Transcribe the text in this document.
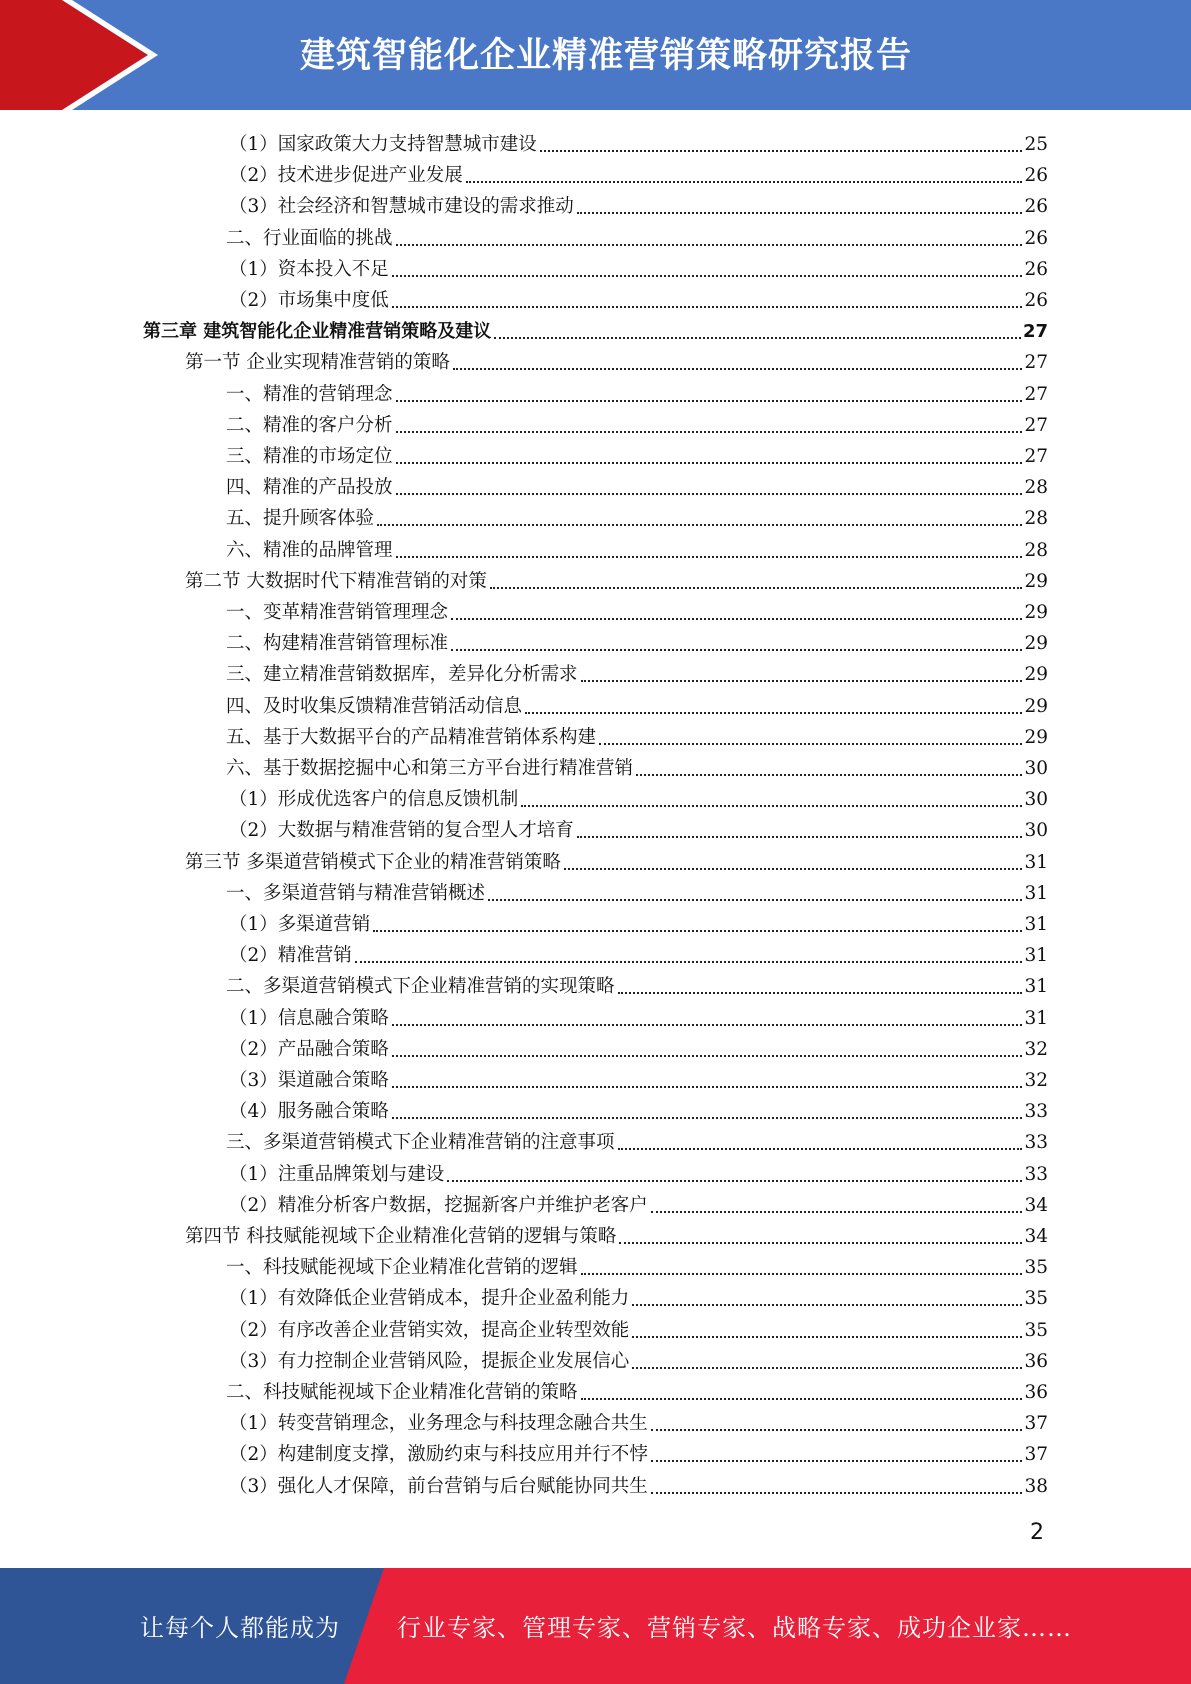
建筑智能化企业精准营销策略研究报告
（1）国家政策大力支持智慧城市建设	25
（2）技术进步促进产业发展	26
（3）社会经济和智慧城市建设的需求推动	26
二、行业面临的挑战	26
（1）资本投入不足	26
（2）市场集中度低	26
第三章 建筑智能化企业精准营销策略及建议	27
第一节 企业实现精准营销的策略	27
一、精准的营销理念	27
二、精准的客户分析	27
三、精准的市场定位	27
四、精准的产品投放	28
五、提升顾客体验	28
六、精准的品牌管理	28
第二节 大数据时代下精准营销的对策	29
一、变革精准营销管理理念	29
二、构建精准营销管理标准	29
三、建立精准营销数据库，差异化分析需求	29
四、及时收集反馈精准营销活动信息	29
五、基于大数据平台的产品精准营销体系构建	29
六、基于数据挖掘中心和第三方平台进行精准营销	30
（1）形成优选客户的信息反馈机制	30
（2）大数据与精准营销的复合型人才培育	30
第三节 多渠道营销模式下企业的精准营销策略	31
一、多渠道营销与精准营销概述	31
（1）多渠道营销	31
（2）精准营销	31
二、多渠道营销模式下企业精准营销的实现策略	31
（1）信息融合策略	31
（2）产品融合策略	32
（3）渠道融合策略	32
（4）服务融合策略	33
三、多渠道营销模式下企业精准营销的注意事项	33
（1）注重品牌策划与建设	33
（2）精准分析客户数据，挖掘新客户并维护老客户	34
第四节 科技赋能视域下企业精准化营销的逻辑与策略	34
一、科技赋能视域下企业精准化营销的逻辑	35
（1）有效降低企业营销成本，提升企业盈利能力	35
（2）有序改善企业营销实效，提高企业转型效能	35
（3）有力控制企业营销风险，提振企业发展信心	36
二、科技赋能视域下企业精准化营销的策略	36
（1）转变营销理念，业务理念与科技理念融合共生	37
（2）构建制度支撑，激励约束与科技应用并行不悖	37
（3）强化人才保障，前台营销与后台赋能协同共生	38
2
让每个人都能成为 行业专家、管理专家、营销专家、战略专家、成功企业家……
